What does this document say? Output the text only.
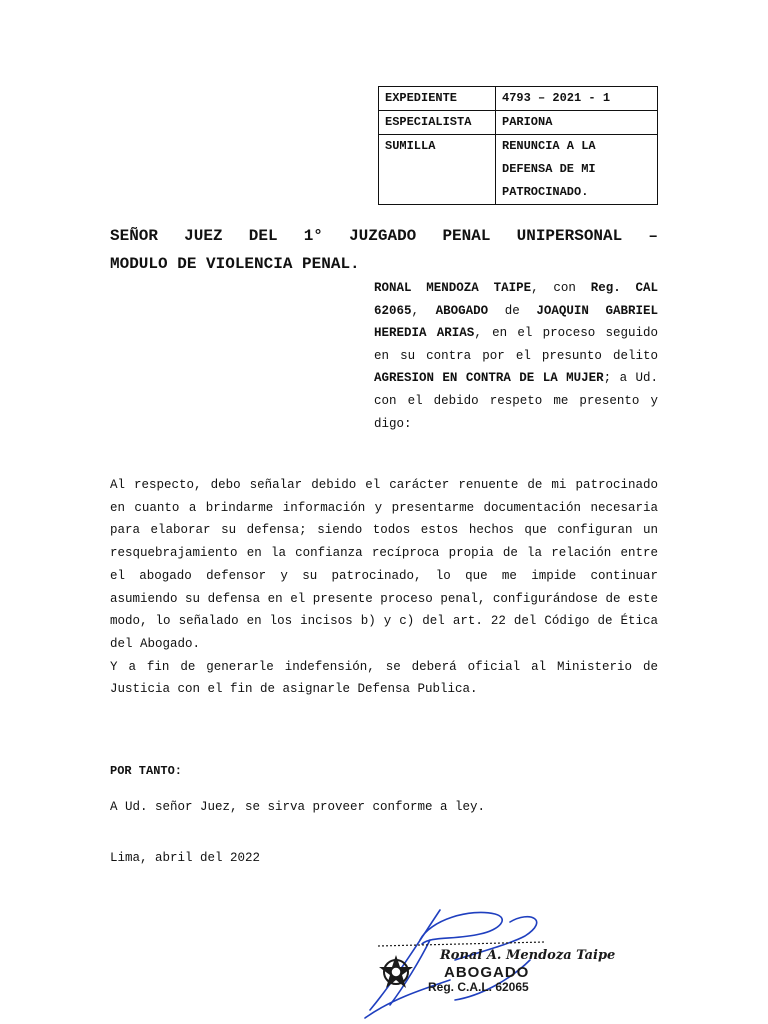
EXPEDIENTE	4793 – 2021 - 1
ESPECIALISTA	PARIONA
SUMILLA	RENUNCIA A LA DEFENSA DE MI PATROCINADO.
SEÑOR JUEZ DEL 1° JUZGADO PENAL UNIPERSONAL –
MODULO DE VIOLENCIA PENAL.

RONAL MENDOZA TAIPE, con Reg. CAL 62065, ABOGADO de JOAQUIN GABRIEL HEREDIA ARIAS, en el proceso seguido en su contra por el presunto delito AGRESION EN CONTRA DE LA MUJER; a Ud. con el debido respeto me presento y digo:

Al respecto, debo señalar debido el carácter renuente de mi patrocinado en cuanto a brindarme información y presentarme documentación necesaria para elaborar su defensa; siendo todos estos hechos que configuran un resquebrajamiento en la confianza recíproca propia de la relación entre el abogado defensor y su patrocinado, lo que me impide continuar asumiendo su defensa en el presente proceso penal, configurándose de este modo, lo señalado en los incisos b) y c) del art. 22 del Código de Ética del Abogado.

Y a fin de generarle indefensión, se deberá oficial al Ministerio de Justicia con el fin de asignarle Defensa Publica.

POR TANTO:

A Ud. señor Juez, se sirva proveer conforme a ley.

Lima, abril del 2022

Ronal A. Mendoza Taipe
ABOGADO
Reg. C.A.L. 62065
